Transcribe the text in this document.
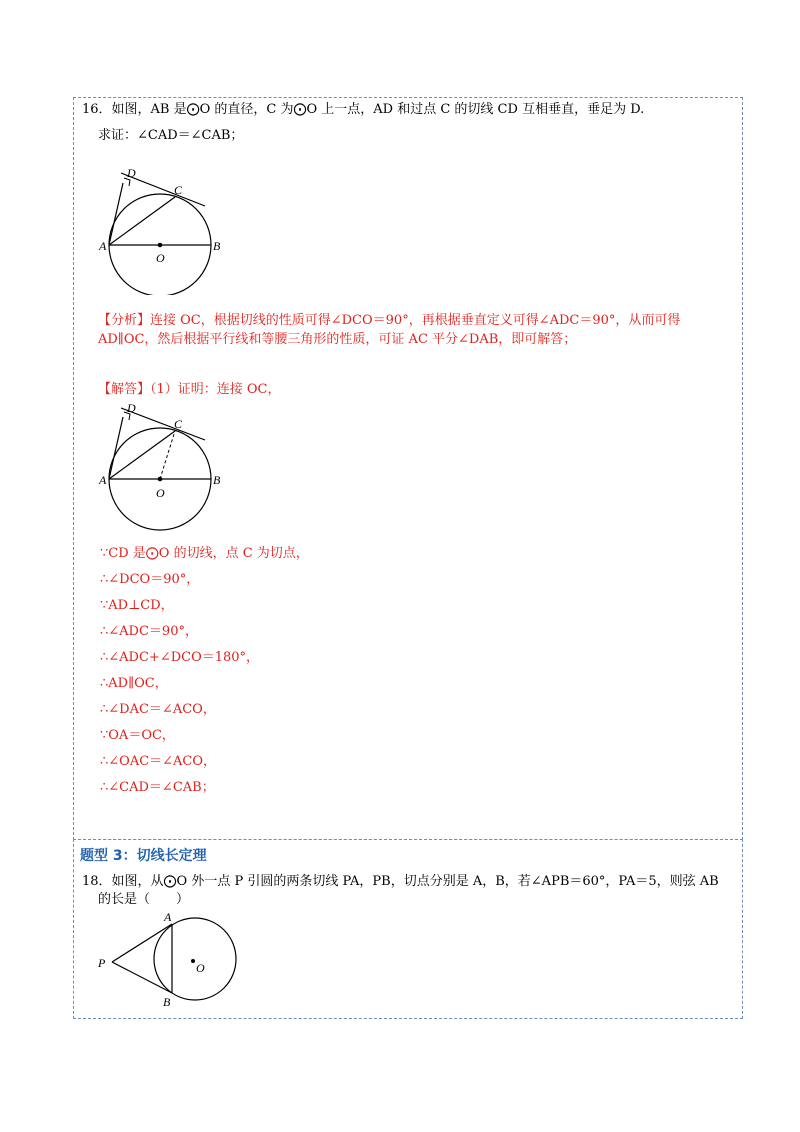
16．如图，AB 是⨀O 的直径，C 为⨀O 上一点，AD 和过点 C 的切线 CD 互相垂直，垂足为 D.
求证：∠CAD＝∠CAB；
A	B
C
D
O
【分析】连接 OC，根据切线的性质可得∠DCO＝90°，再根据垂直定义可得∠ADC＝90°，从而可得
AD∥OC，然后根据平行线和等腰三角形的性质，可证 AC 平分∠DAB，即可解答；
【解答】（1）证明：连接 OC，
A	B
C
D
O
∵CD 是⨀O 的切线，点 C 为切点，
∴∠DCO＝90°，
∵AD⊥CD，
∴∠ADC＝90°，
∴∠ADC+∠DCO＝180°，
∴AD∥OC，
∴∠DAC＝∠ACO，
∵OA＝OC，
∴∠OAC＝∠ACO，
∴∠CAD＝∠CAB；
题型 3：切线长定理
18．如图，从⨀O 外一点 P 引圆的两条切线 PA，PB，切点分别是 A，B，若∠APB＝60°，PA＝5，则弦 AB
的长是（　　）
P
A
B
O
